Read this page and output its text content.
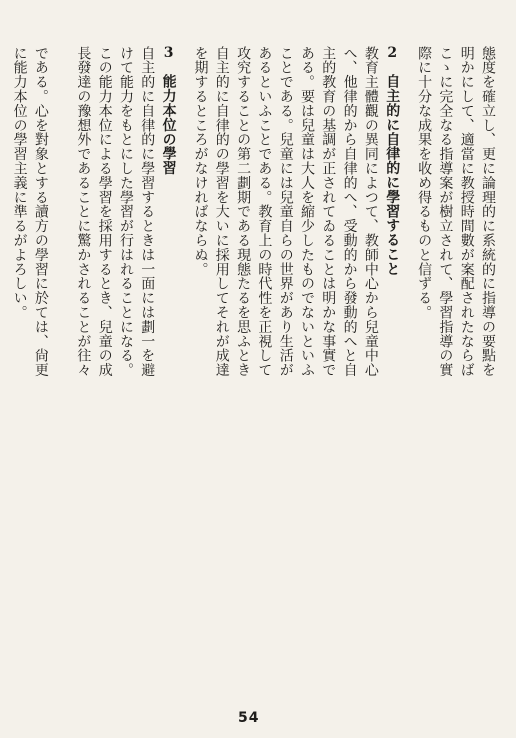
態度を確立し、更に論理的に系統的に指導の要點を
明かにして、適當に教授時間數が案配されたならば
こゝに完全なる指導案が樹立されて、學習指導の實
際に十分な成果を收め得るものと信ずる。
2　自主的に自律的に學習すること
教育主體觀の異同によつて、教師中心から兒童中心
へ、他律的から自律的へ、受動的から發動的へと自
主的教育の基調が正されてゐることは明かな事實で
ある。要は兒童は大人を縮少したものでないといふ
ことである。兒童には兒童自らの世界があり生活が
あるといふことである。教育上の時代性を正視して
攻究することの第二劃期である現態たるを思ふとき
自主的に自律的の學習を大いに採用してそれが成達
を期するところがなければならぬ。
3　能力本位の學習
自主的に自律的に學習するときは一面には劃一を避
けて能力をもとにした學習が行はれることになる。
この能力本位による學習を採用するとき、兒童の成
長發達の豫想外であることに驚かされることが往々
である。心を對象とする讀方の學習に於ては、尙更
に能力本位の學習主義に準るがよろしい。

54
